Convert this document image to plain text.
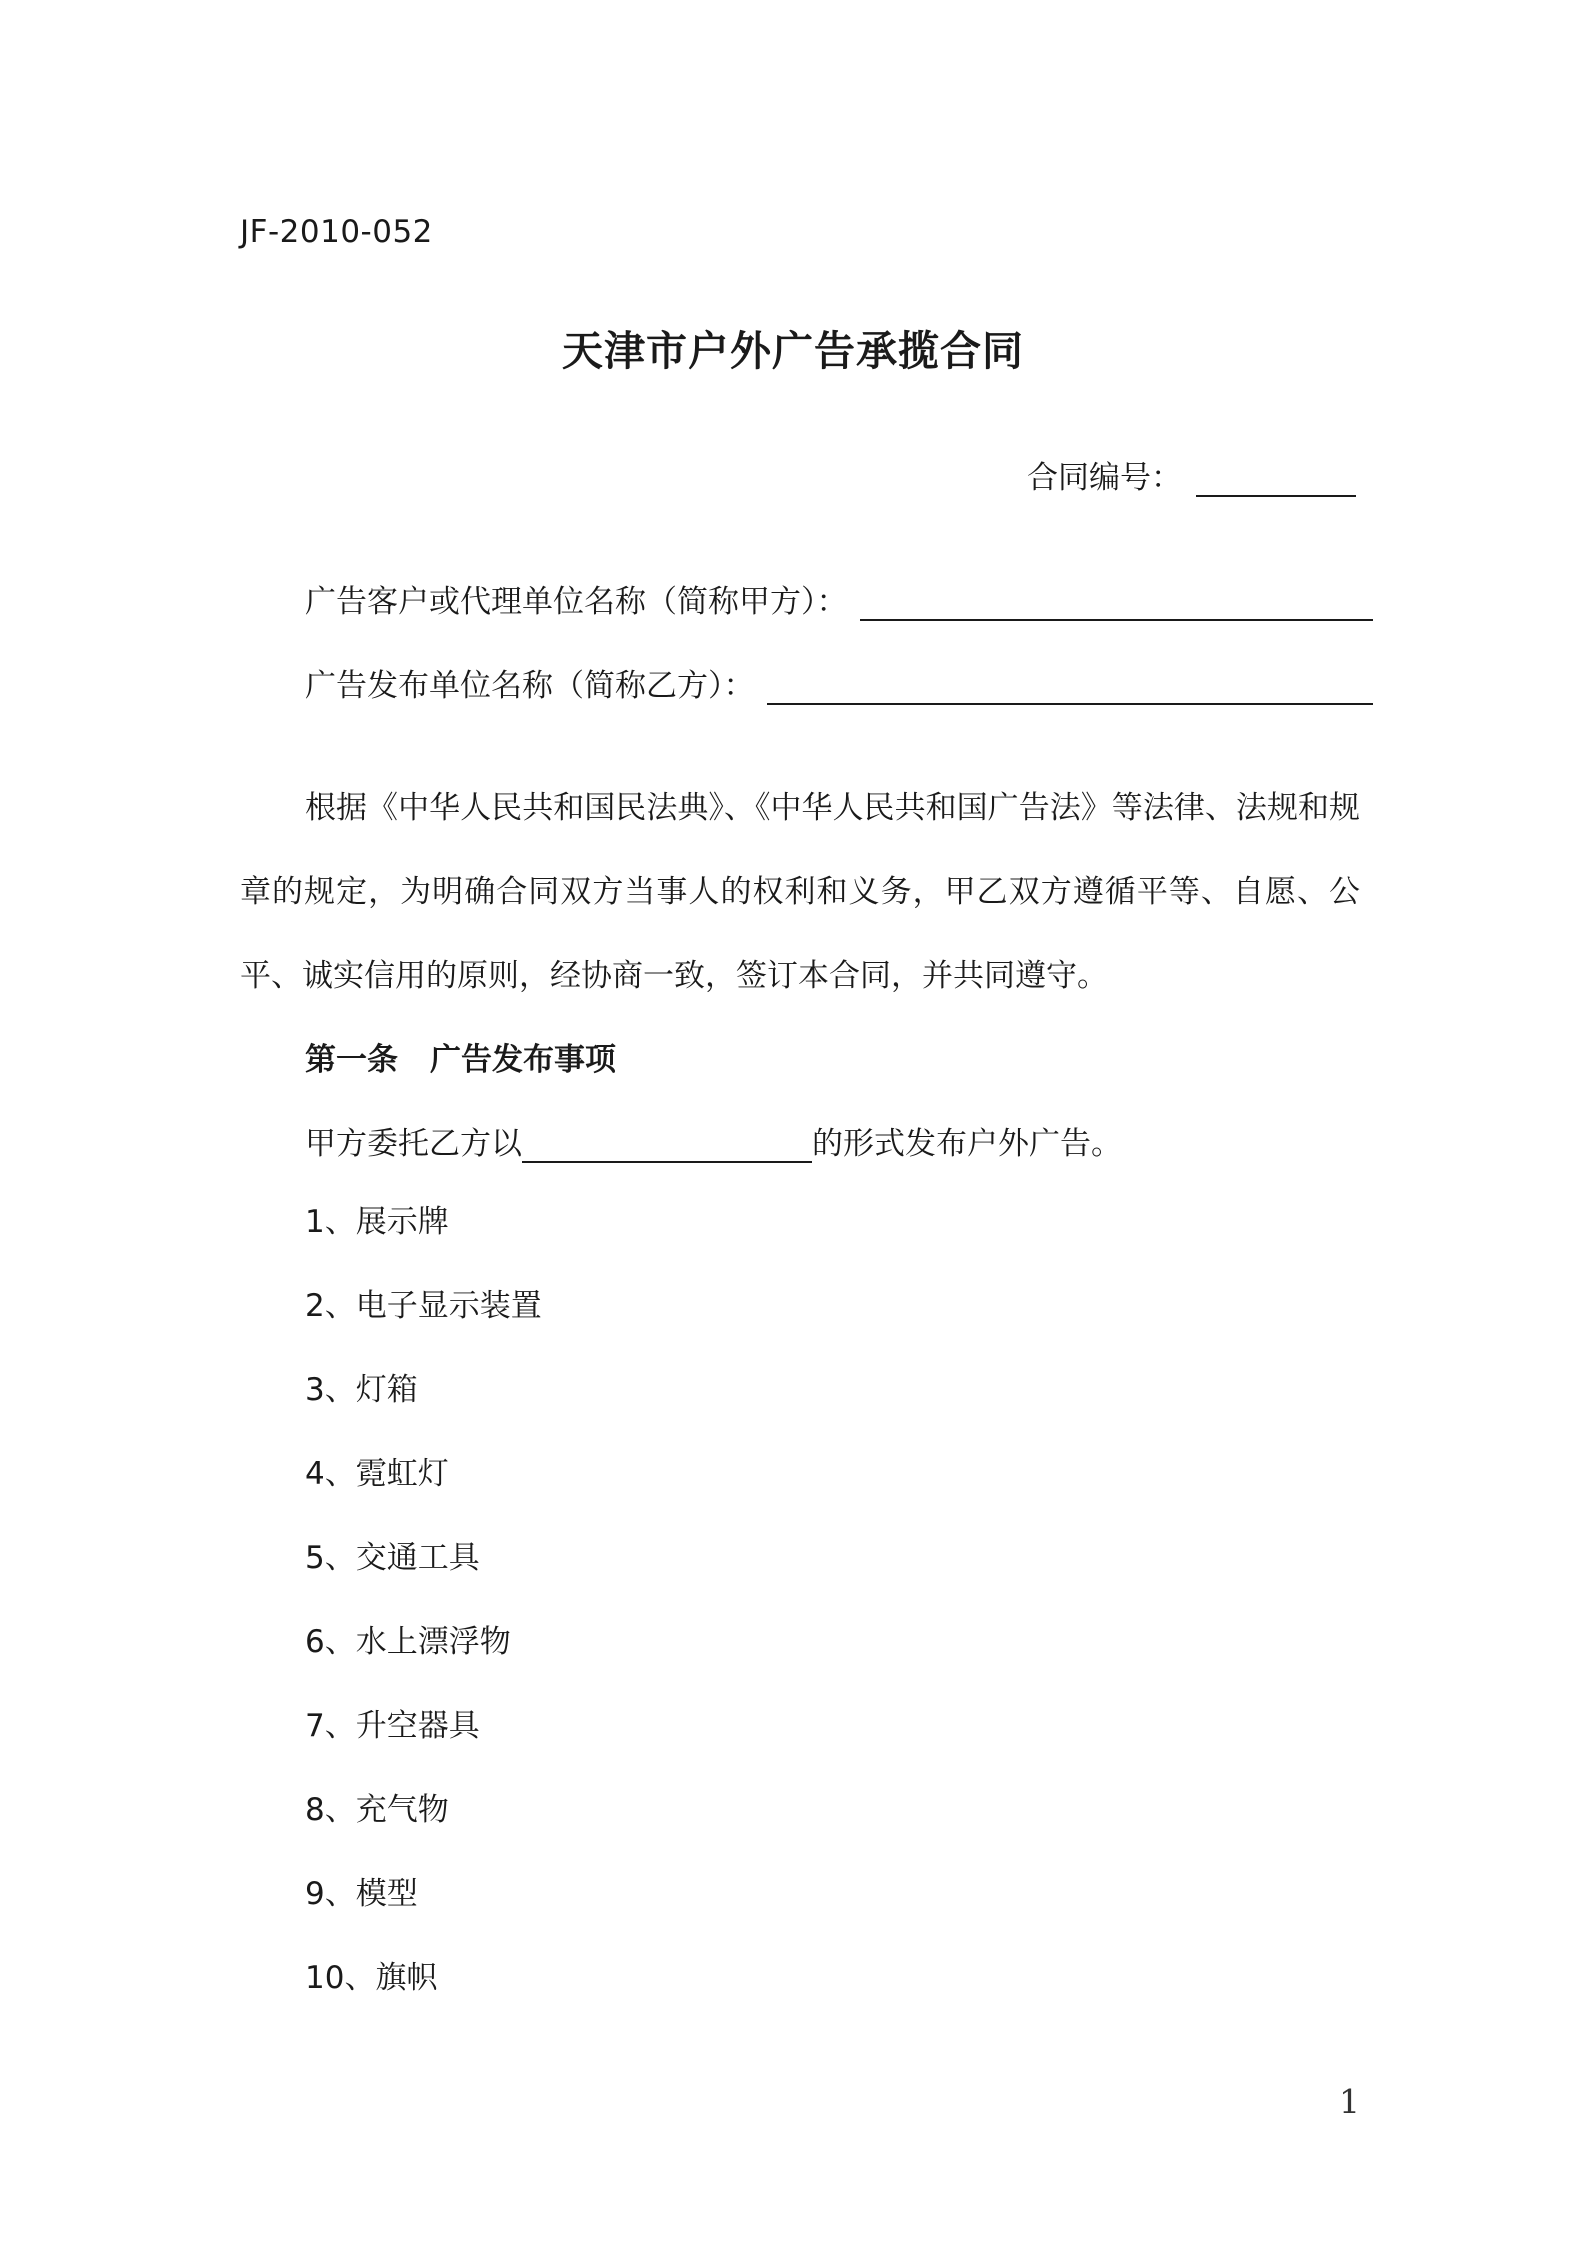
JF-2010-052
天津市户外广告承揽合同
合同编号：
广告客户或代理单位名称（简称甲方）：
广告发布单位名称（简称乙方）：
根据《中华人民共和国民法典》、《中华人民共和国广告法》等法律、法规和规章的规定，为明确合同双方当事人的权利和义务，甲乙双方遵循平等、自愿、公平、诚实信用的原则，经协商一致，签订本合同，并共同遵守。
第一条 广告发布事项
甲方委托乙方以	的形式发布户外广告。
1、展示牌
2、电子显示装置
3、灯箱
4、霓虹灯
5、交通工具
6、水上漂浮物
7、升空器具
8、充气物
9、模型
10、旗帜
1
